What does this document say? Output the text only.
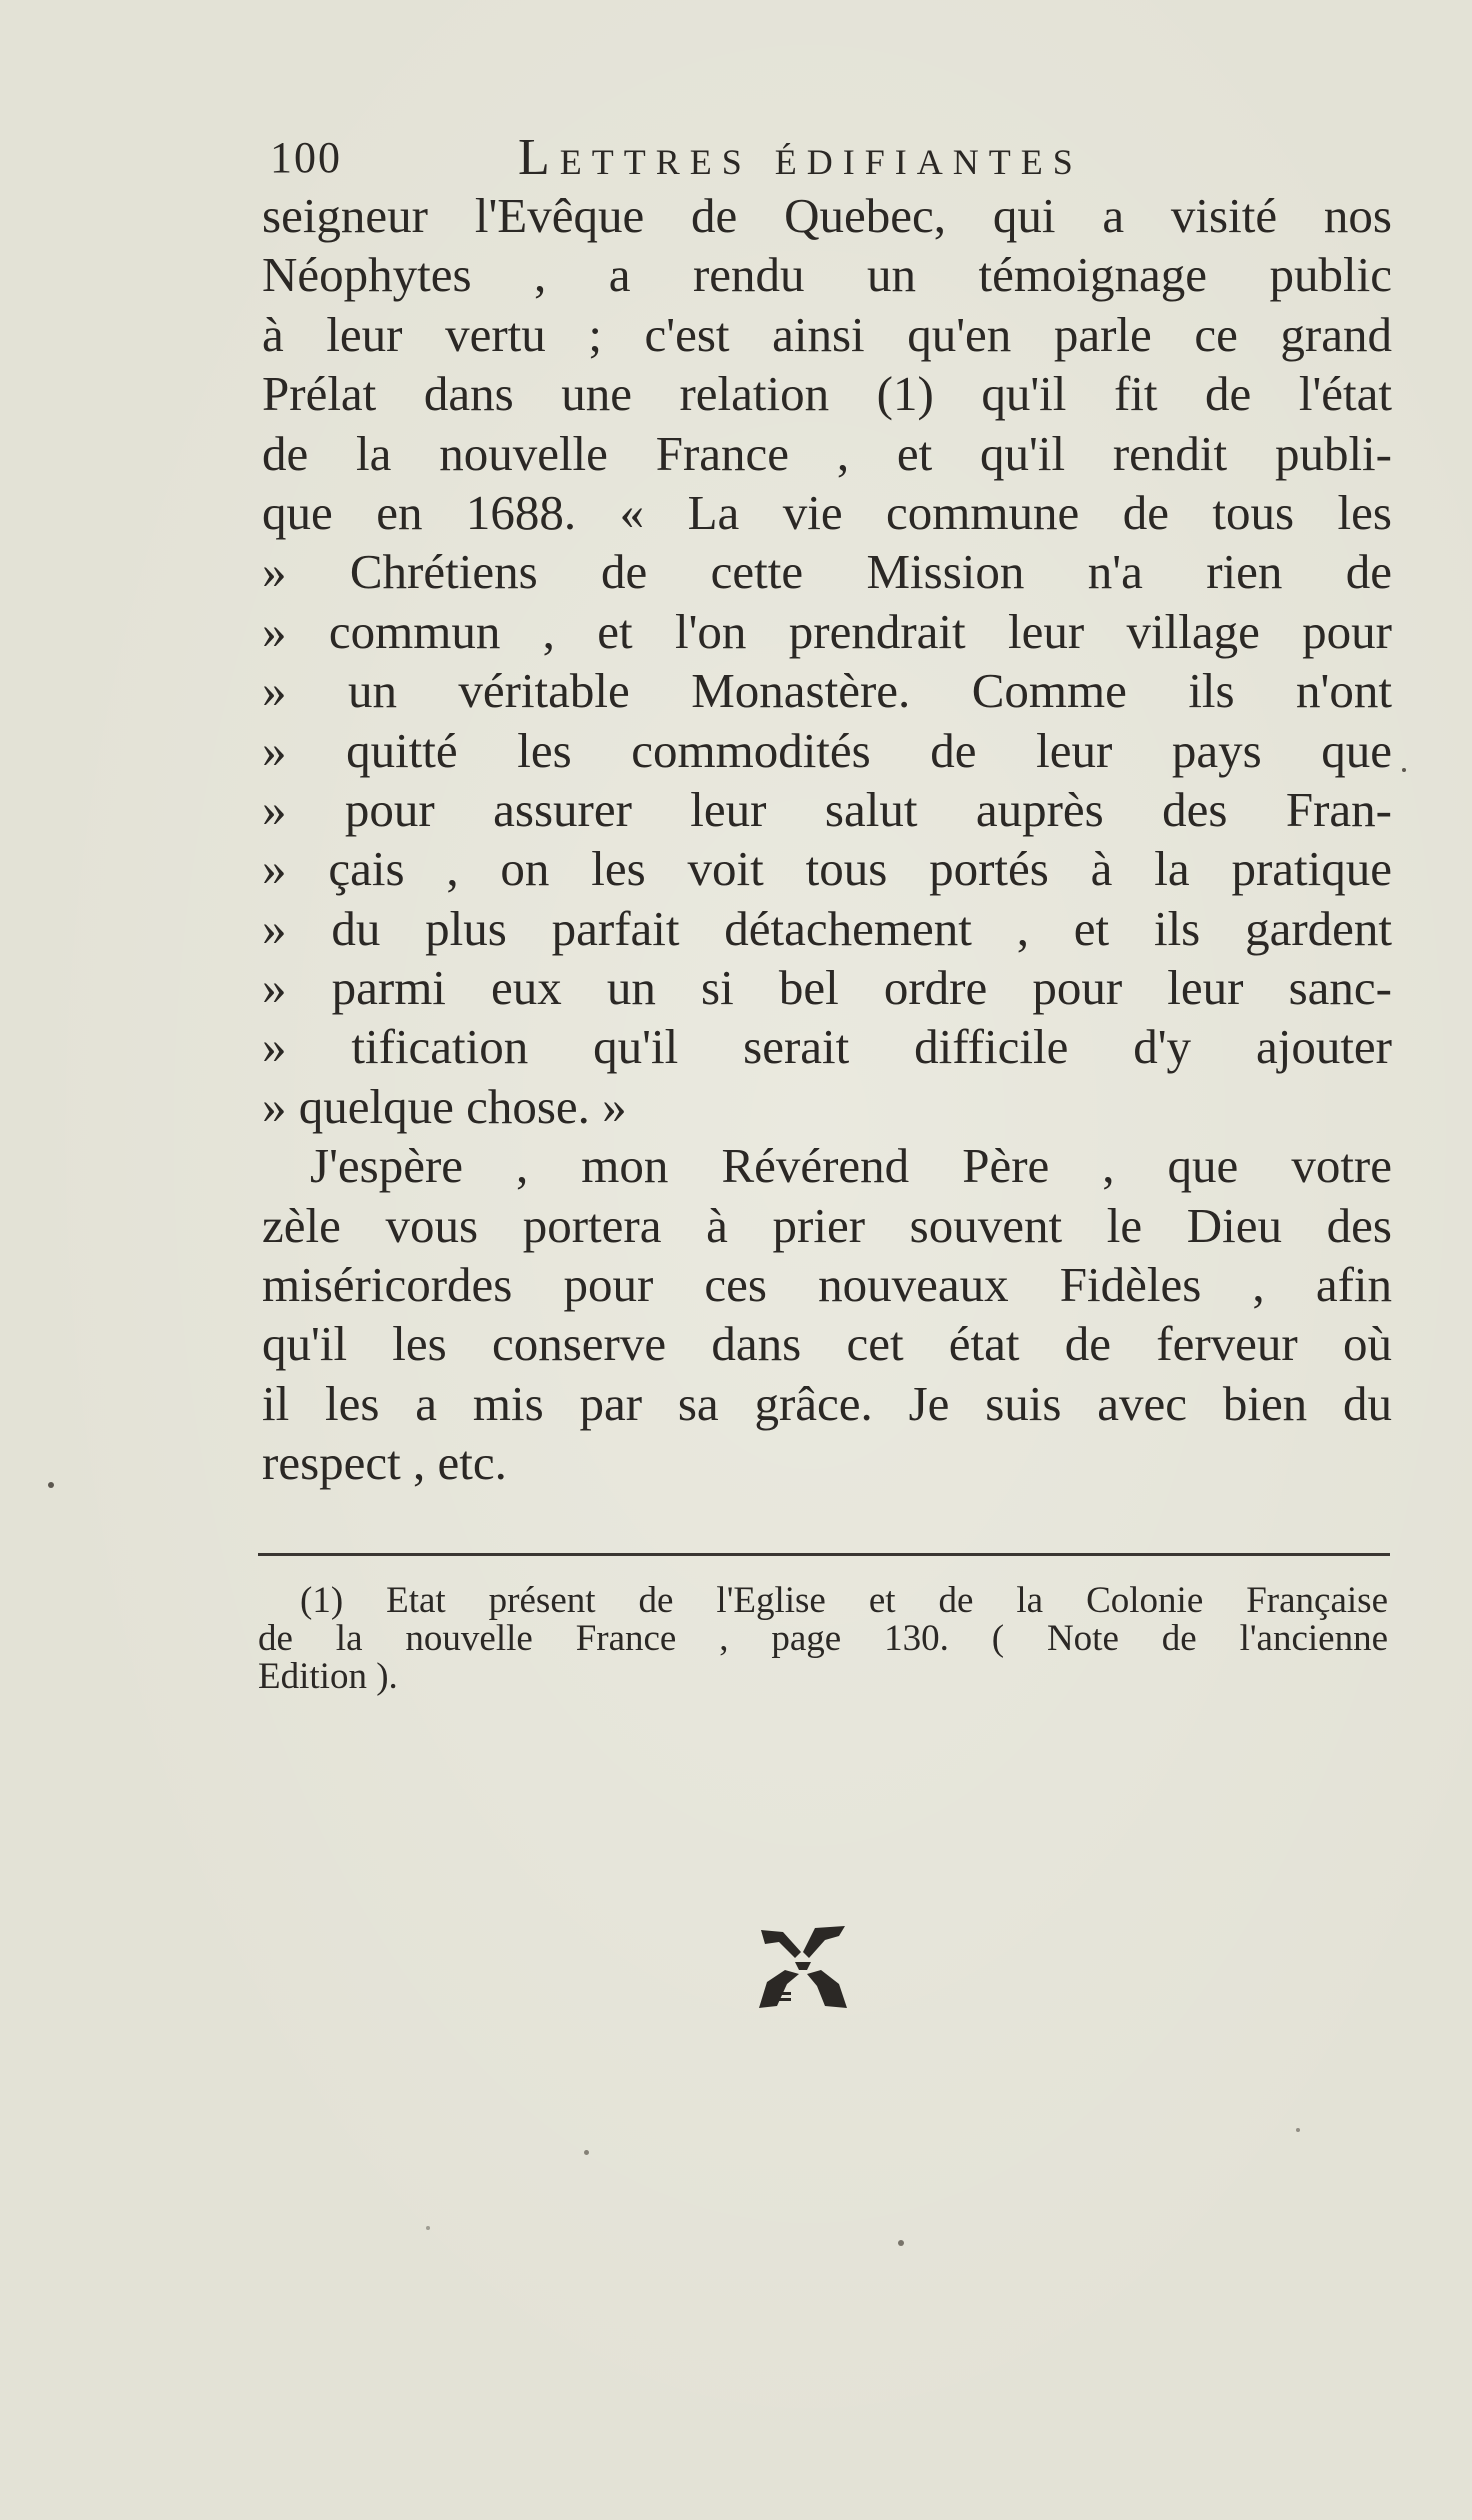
100	Lettres édifiantes
seigneur l'Evêque de Quebec, qui a visité nos
Néophytes , a rendu un témoignage public
à leur vertu ; c'est ainsi qu'en parle ce grand
Prélat dans une relation (1) qu'il fit de l'état
de la nouvelle France , et qu'il rendit publi-
que en 1688. « La vie commune de tous les
» Chrétiens de cette Mission n'a rien de
» commun , et l'on prendrait leur village pour
» un véritable Monastère. Comme ils n'ont
» quitté les commodités de leur pays que
» pour assurer leur salut auprès des Fran-
» çais , on les voit tous portés à la pratique
» du plus parfait détachement , et ils gardent
» parmi eux un si bel ordre pour leur sanc-
» tification qu'il serait difficile d'y ajouter
» quelque chose. »
J'espère , mon Révérend Père , que votre
zèle vous portera à prier souvent le Dieu des
miséricordes pour ces nouveaux Fidèles , afin
qu'il les conserve dans cet état de ferveur où
il les a mis par sa grâce. Je suis avec bien du
respect , etc.
(1) Etat présent de l'Eglise et de la Colonie Française
de la nouvelle France , page 130. ( Note de l'ancienne
Edition ).
